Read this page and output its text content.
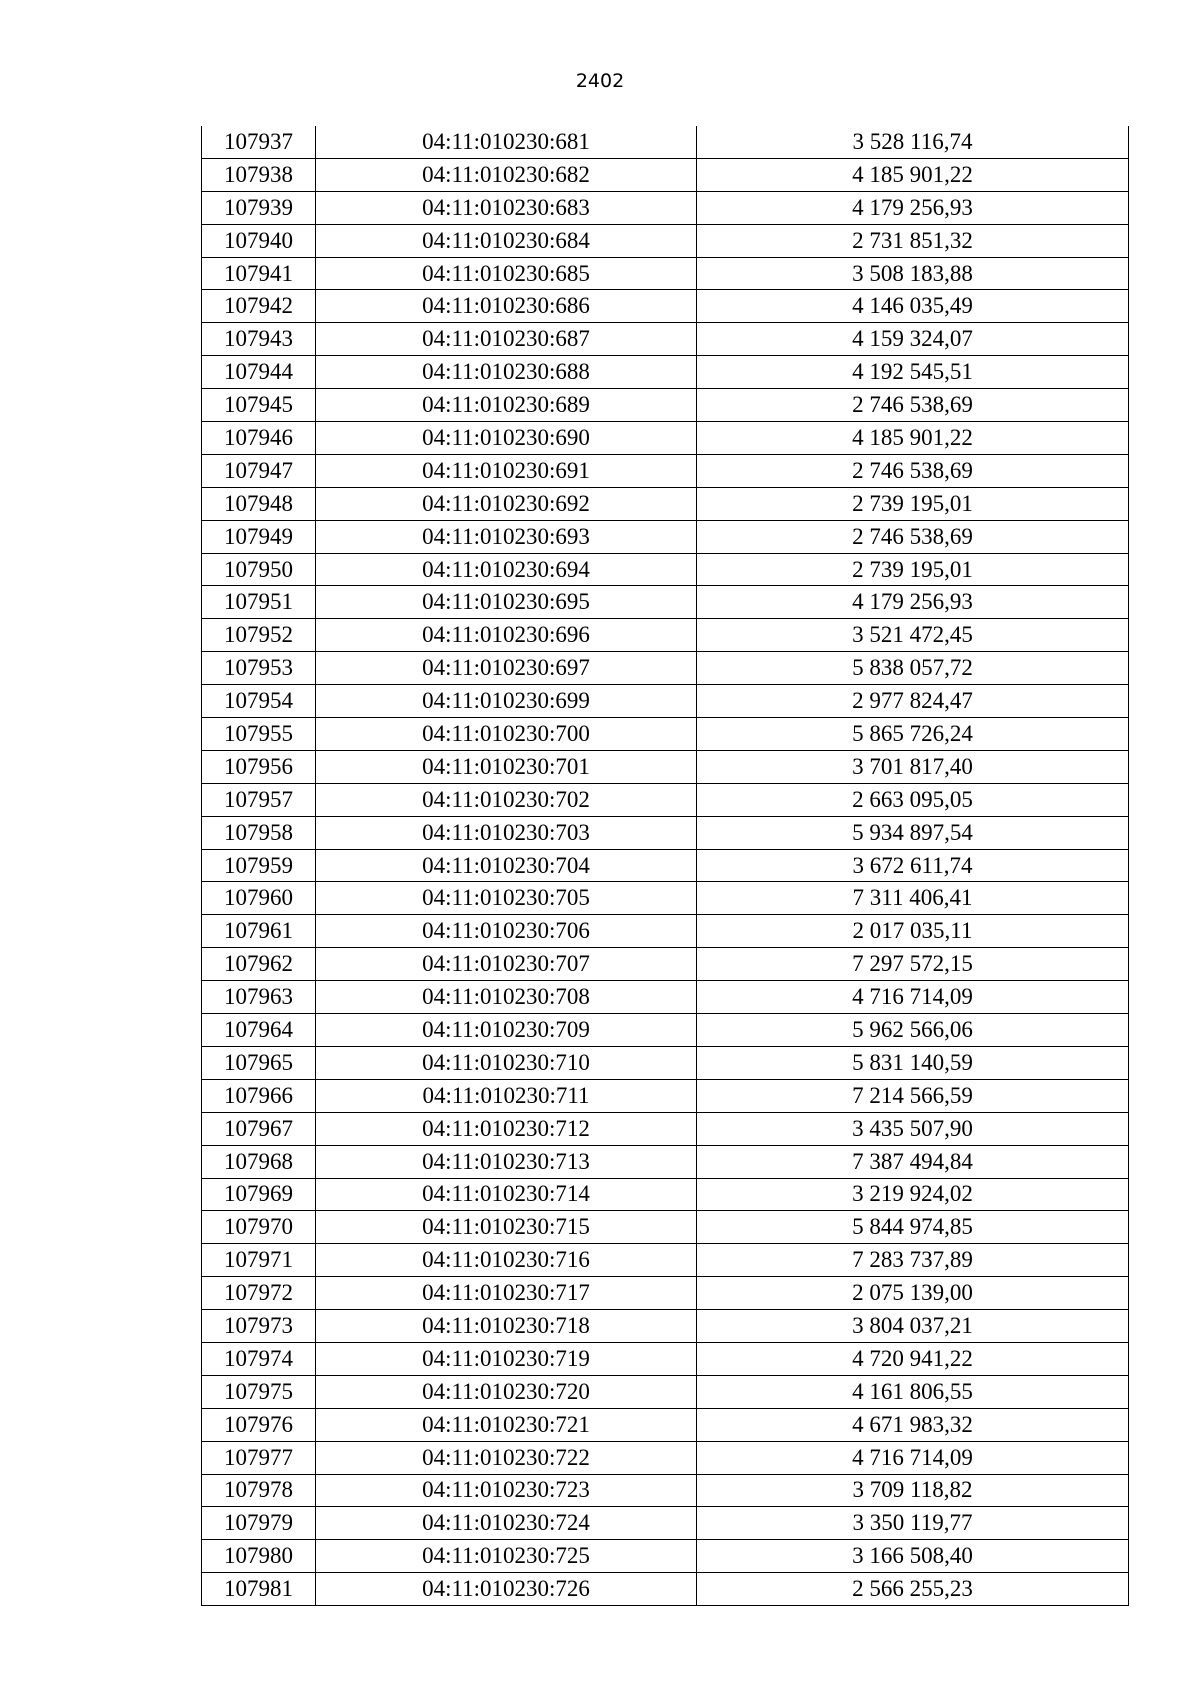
2402
107937	04:11:010230:681	3 528 116,74
107938	04:11:010230:682	4 185 901,22
107939	04:11:010230:683	4 179 256,93
107940	04:11:010230:684	2 731 851,32
107941	04:11:010230:685	3 508 183,88
107942	04:11:010230:686	4 146 035,49
107943	04:11:010230:687	4 159 324,07
107944	04:11:010230:688	4 192 545,51
107945	04:11:010230:689	2 746 538,69
107946	04:11:010230:690	4 185 901,22
107947	04:11:010230:691	2 746 538,69
107948	04:11:010230:692	2 739 195,01
107949	04:11:010230:693	2 746 538,69
107950	04:11:010230:694	2 739 195,01
107951	04:11:010230:695	4 179 256,93
107952	04:11:010230:696	3 521 472,45
107953	04:11:010230:697	5 838 057,72
107954	04:11:010230:699	2 977 824,47
107955	04:11:010230:700	5 865 726,24
107956	04:11:010230:701	3 701 817,40
107957	04:11:010230:702	2 663 095,05
107958	04:11:010230:703	5 934 897,54
107959	04:11:010230:704	3 672 611,74
107960	04:11:010230:705	7 311 406,41
107961	04:11:010230:706	2 017 035,11
107962	04:11:010230:707	7 297 572,15
107963	04:11:010230:708	4 716 714,09
107964	04:11:010230:709	5 962 566,06
107965	04:11:010230:710	5 831 140,59
107966	04:11:010230:711	7 214 566,59
107967	04:11:010230:712	3 435 507,90
107968	04:11:010230:713	7 387 494,84
107969	04:11:010230:714	3 219 924,02
107970	04:11:010230:715	5 844 974,85
107971	04:11:010230:716	7 283 737,89
107972	04:11:010230:717	2 075 139,00
107973	04:11:010230:718	3 804 037,21
107974	04:11:010230:719	4 720 941,22
107975	04:11:010230:720	4 161 806,55
107976	04:11:010230:721	4 671 983,32
107977	04:11:010230:722	4 716 714,09
107978	04:11:010230:723	3 709 118,82
107979	04:11:010230:724	3 350 119,77
107980	04:11:010230:725	3 166 508,40
107981	04:11:010230:726	2 566 255,23
